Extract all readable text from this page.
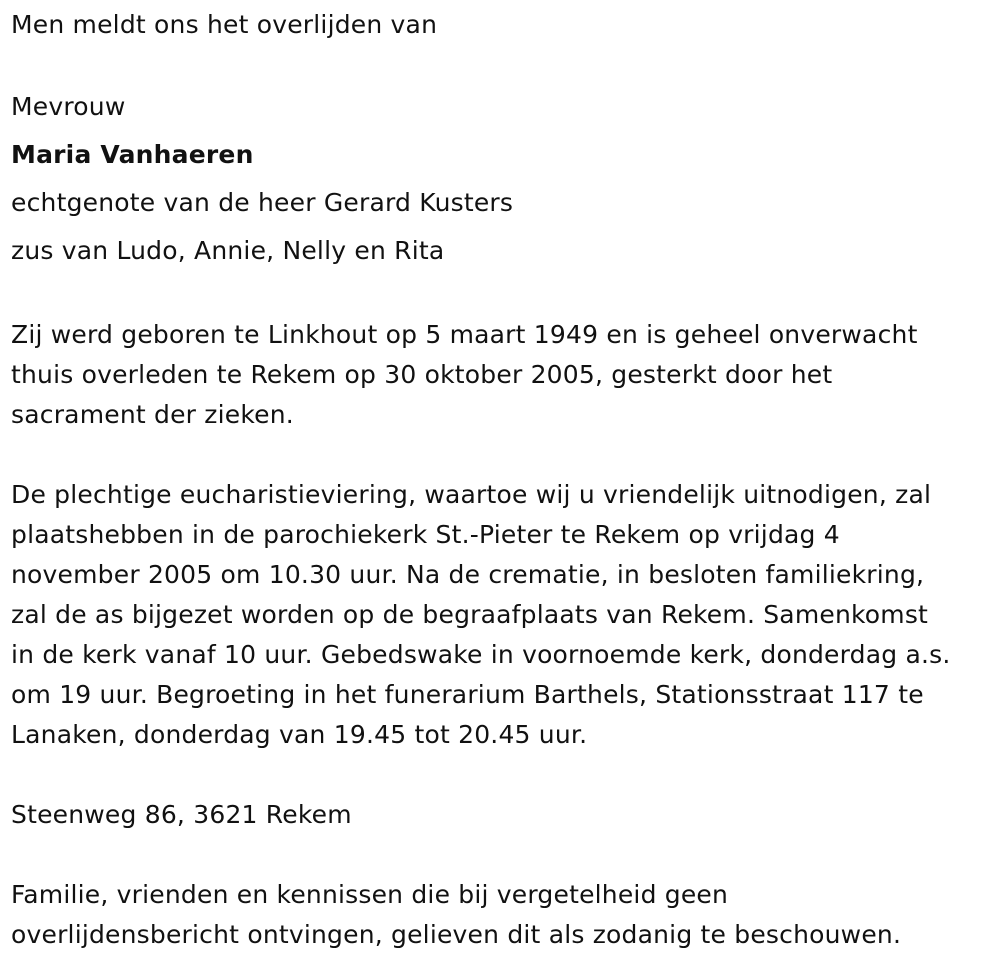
Men meldt ons het overlijden van
Mevrouw
Maria Vanhaeren
echtgenote van de heer Gerard Kusters
zus van Ludo, Annie, Nelly en Rita
Zij werd geboren te Linkhout op 5 maart 1949 en is geheel onverwacht
thuis overleden te Rekem op 30 oktober 2005, gesterkt door het
sacrament der zieken.
De plechtige eucharistieviering, waartoe wij u vriendelijk uitnodigen, zal
plaatshebben in de parochiekerk St.-Pieter te Rekem op vrijdag 4
november 2005 om 10.30 uur. Na de crematie, in besloten familiekring,
zal de as bijgezet worden op de begraafplaats van Rekem. Samenkomst
in de kerk vanaf 10 uur. Gebedswake in voornoemde kerk, donderdag a.s.
om 19 uur. Begroeting in het funerarium Barthels, Stationsstraat 117 te
Lanaken, donderdag van 19.45 tot 20.45 uur.
Steenweg 86, 3621 Rekem
Familie, vrienden en kennissen die bij vergetelheid geen
overlijdensbericht ontvingen, gelieven dit als zodanig te beschouwen.
